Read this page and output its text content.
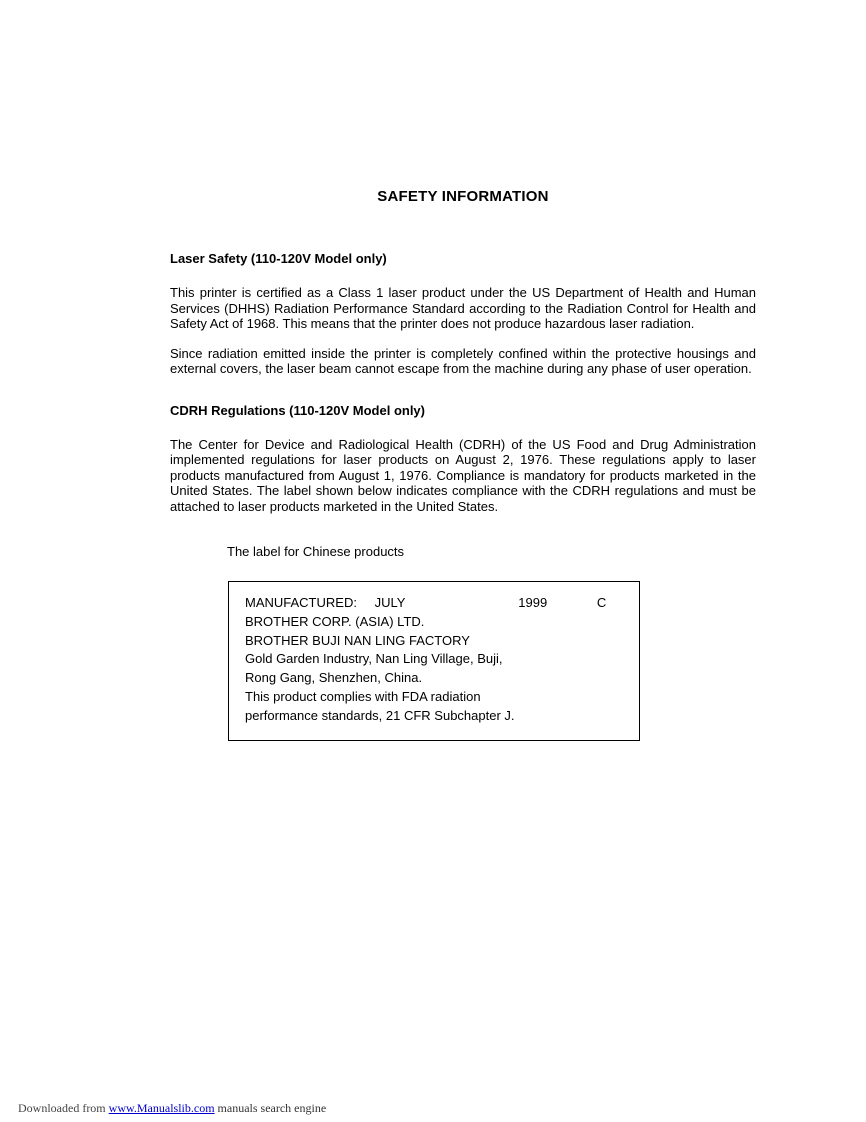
SAFETY INFORMATION
Laser Safety (110-120V Model only)

This printer is certified as a Class 1 laser product under the US Department of Health and Human Services (DHHS) Radiation Performance Standard according to the Radiation Control for Health and Safety Act of 1968. This means that the printer does not produce hazardous laser radiation.

Since radiation emitted inside the printer is completely confined within the protective housings and external covers, the laser beam cannot escape from the machine during any phase of user operation.

CDRH Regulations (110-120V Model only)

The Center for Device and Radiological Health (CDRH) of the US Food and Drug Administration implemented regulations for laser products on August 2, 1976. These regulations apply to laser products manufactured from August 1, 1976. Compliance is mandatory for products marketed in the United States. The label shown below indicates compliance with the CDRH regulations and must be attached to laser products marketed in the United States.

The label for Chinese products
MANUFACTURED: JULY	1999	C
BROTHER CORP. (ASIA) LTD.
BROTHER BUJI NAN LING FACTORY
Gold Garden Industry, Nan Ling Village, Buji,
Rong Gang, Shenzhen, China.
This product complies with FDA radiation
performance standards, 21 CFR Subchapter J.
Downloaded from www.Manualslib.com manuals search engine
